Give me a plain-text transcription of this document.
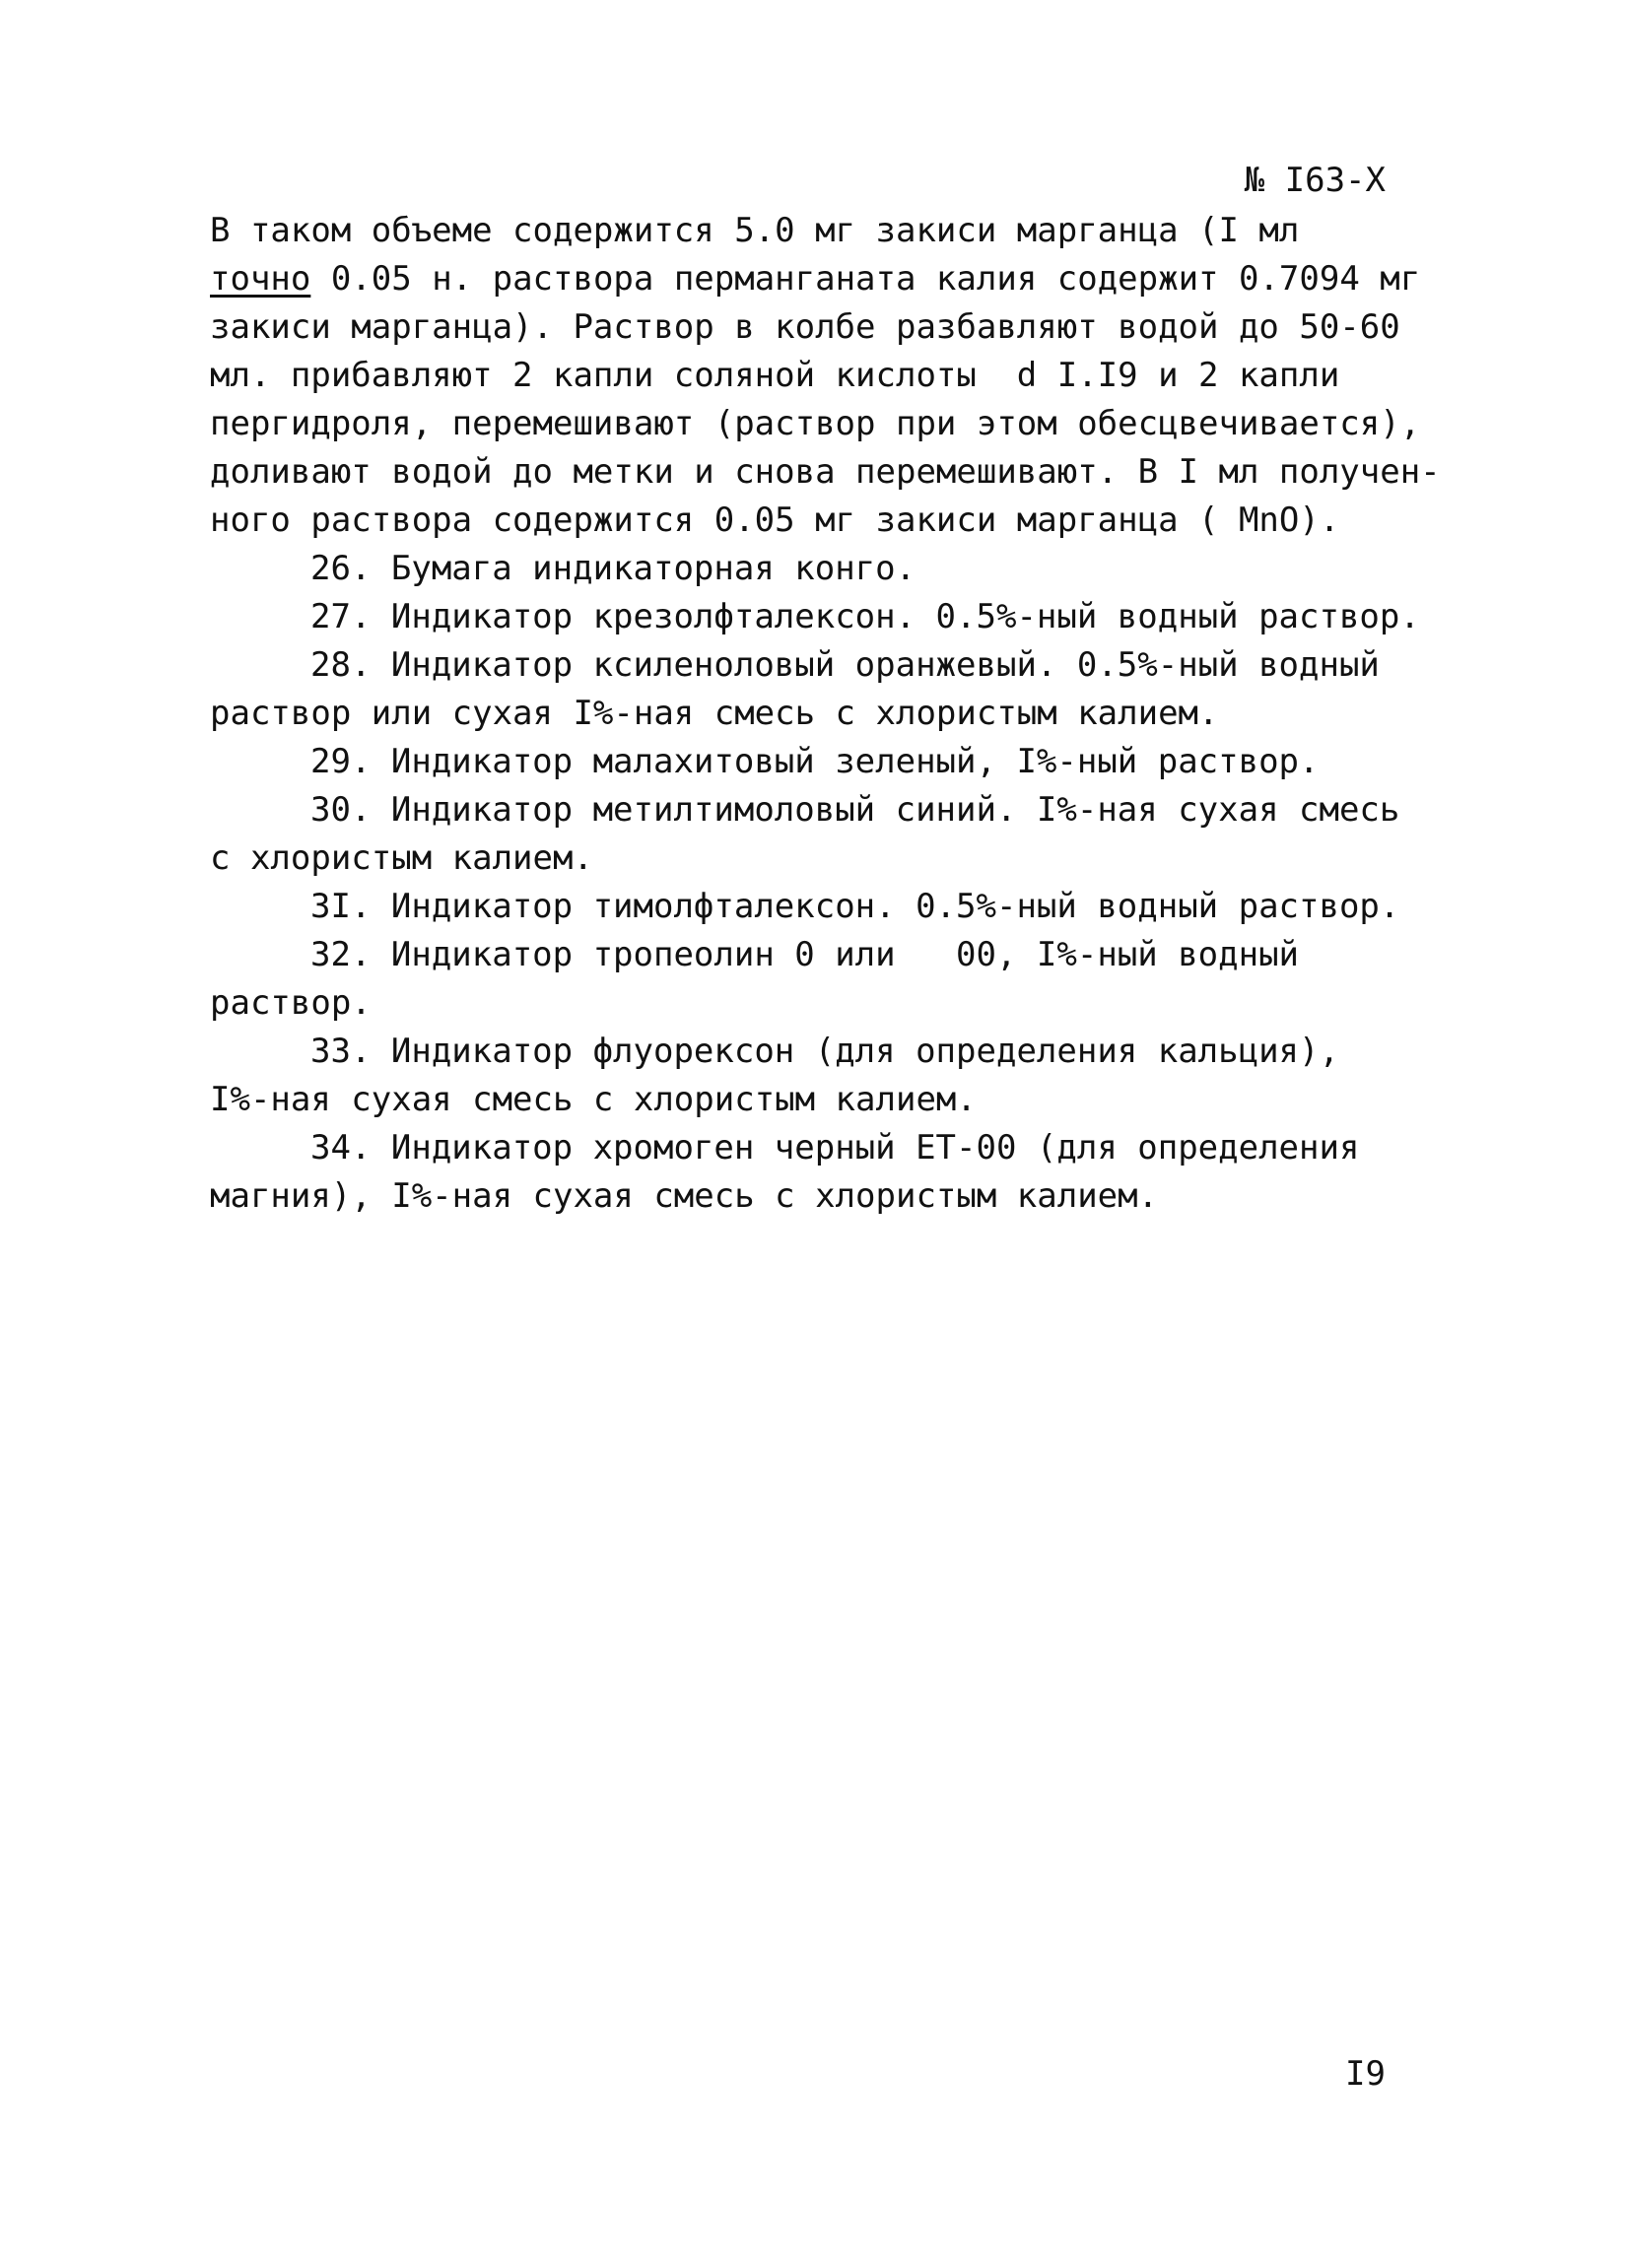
№ I63-X
В таком объеме содержится 5.0 мг закиси марганца (I мл
точно 0.05 н. раствора перманганата калия содержит 0.7094 мг
закиси марганца). Раствор в колбе разбавляют водой до 50-60
мл. прибавляют 2 капли соляной кислоты  d I.I9 и 2 капли
пергидроля, перемешивают (раствор при этом обесцвечивается),
доливают водой до метки и снова перемешивают. В I мл получен-
ного раствора содержится 0.05 мг закиси марганца ( MnO).
26. Бумага индикаторная конго.
27. Индикатор крезолфталексон. 0.5%-ный водный раствор.
28. Индикатор ксиленоловый оранжевый. 0.5%-ный водный
раствор или сухая I%-ная смесь с хлористым калием.
29. Индикатор малахитовый зеленый, I%-ный раствор.
30. Индикатор метилтимоловый синий. I%-ная сухая смесь
с хлористым калием.
3I. Индикатор тимолфталексон. 0.5%-ный водный раствор.
32. Индикатор тропеолин 0 или   00, I%-ный водный
раствор.
33. Индикатор флуорексон (для определения кальция),
I%-ная сухая смесь с хлористым калием.
34. Индикатор хромоген черный ЕТ-00 (для определения
магния), I%-ная сухая смесь с хлористым калием.
I9
